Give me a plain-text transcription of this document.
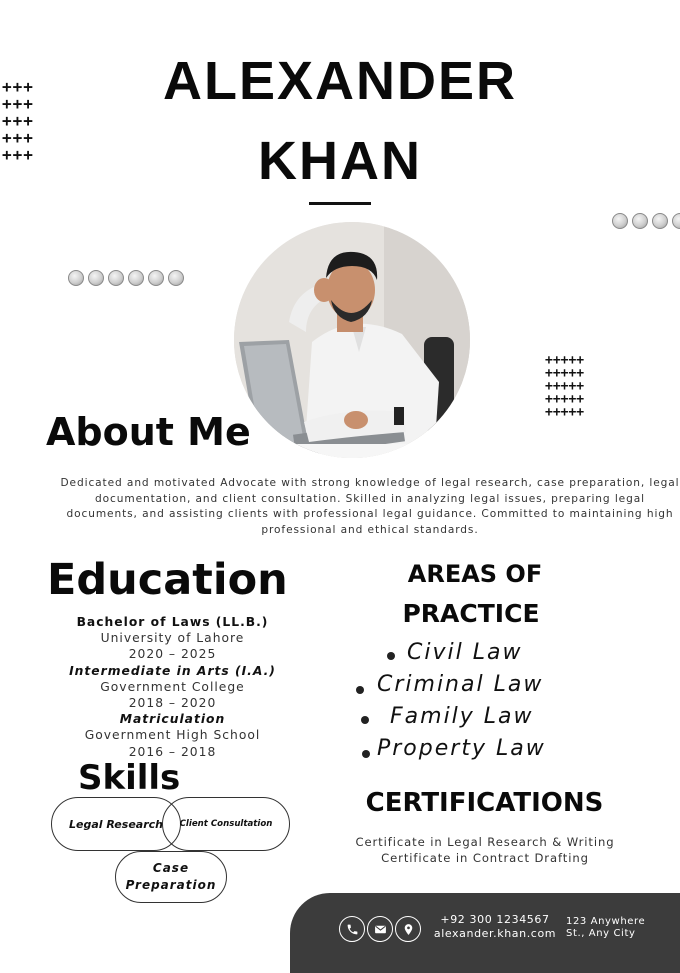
ALEXANDER
KHAN
+++
+++
+++
+++
+++
+++++
+++++
+++++
+++++
+++++
About Me
Dedicated and motivated Advocate with strong knowledge of legal research, case preparation, legal documentation, and client consultation. Skilled in analyzing legal issues, preparing legal documents, and assisting clients with professional legal guidance. Committed to maintaining high professional and ethical standards.
Education
Bachelor of Laws (LL.B.)
University of Lahore
2020 – 2025
Intermediate in Arts (I.A.)
Government College
2018 – 2020
Matriculation
Government High School
2016 – 2018
Skills
Legal Research	Client Consultation
Case Preparation
AREAS OF
PRACTICE
Civil Law
Criminal Law
Family Law
Property Law
CERTIFICATIONS
Certificate in Legal Research & Writing
Certificate in Contract Drafting
+92 300 1234567
alexander.khan.com
123 Anywhere
St., Any City
